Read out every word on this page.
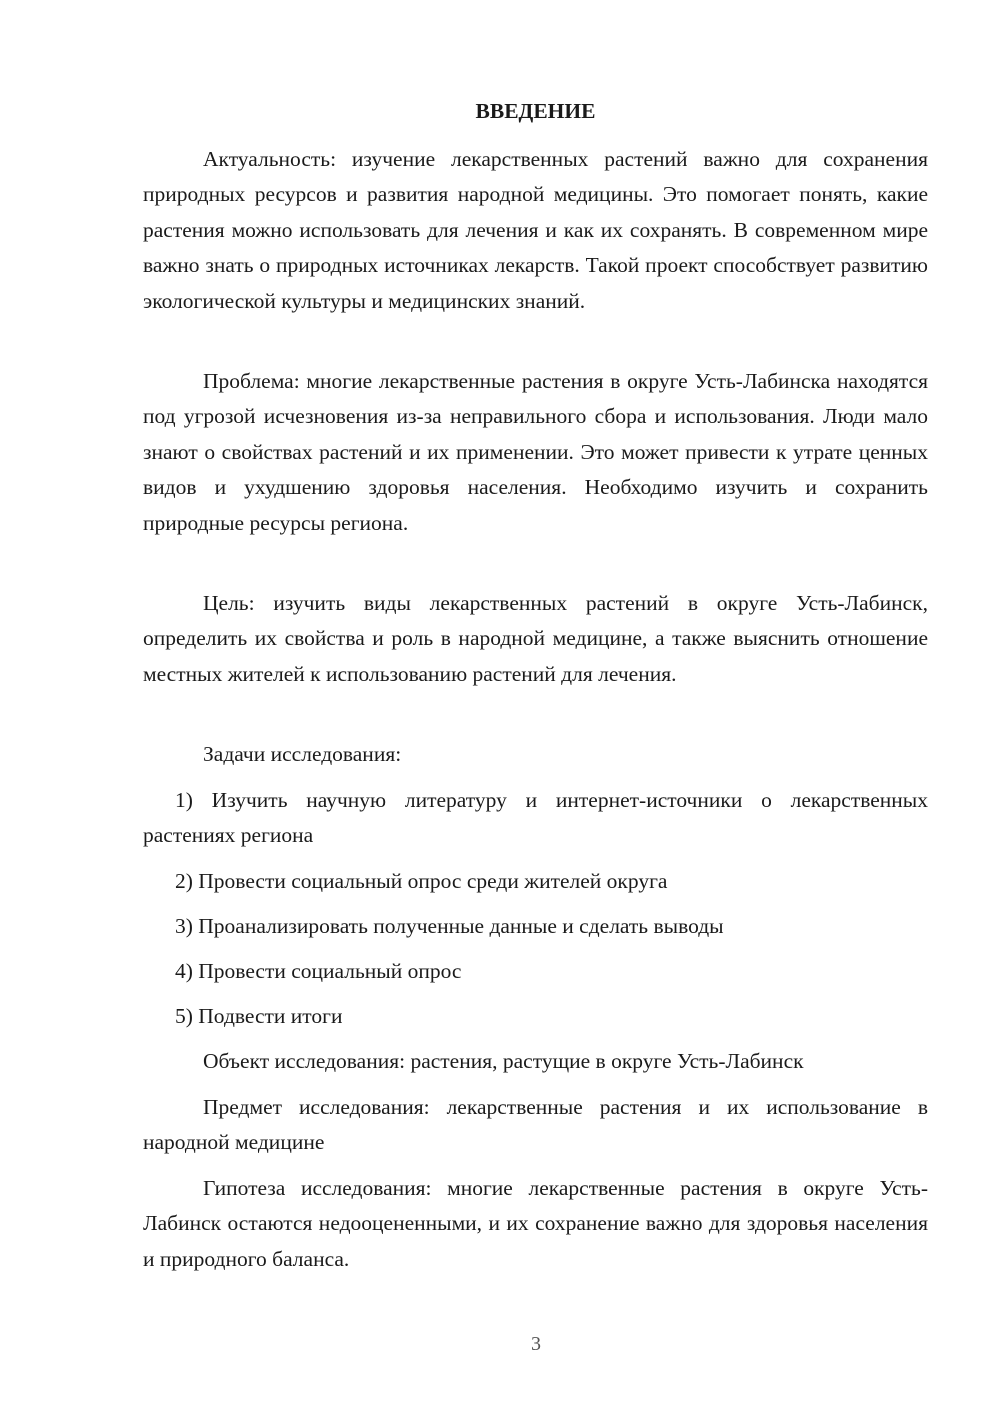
ВВЕДЕНИЕ

Актуальность: изучение лекарственных растений важно для сохранения природных ресурсов и развития народной медицины. Это помогает понять, какие растения можно использовать для лечения и как их сохранять. В современном мире важно знать о природных источниках лекарств. Такой проект способствует развитию экологической культуры и медицинских знаний.

Проблема: многие лекарственные растения в округе Усть-Лабинска находятся под угрозой исчезновения из-за неправильного сбора и использования. Люди мало знают о свойствах растений и их применении. Это может привести к утрате ценных видов и ухудшению здоровья населения. Необходимо изучить и сохранить природные ресурсы региона.

Цель: изучить виды лекарственных растений в округе Усть-Лабинск, определить их свойства и роль в народной медицине, а также выяснить отношение местных жителей к использованию растений для лечения.

Задачи исследования:

1) Изучить научную литературу и интернет-источники о лекарственных растениях региона

2) Провести социальный опрос среди жителей округа

3) Проанализировать полученные данные и сделать выводы

4) Провести социальный опрос

5) Подвести итоги

Объект исследования: растения, растущие в округе Усть-Лабинск

Предмет исследования: лекарственные растения и их использование в народной медицине

Гипотеза исследования: многие лекарственные растения в округе Усть-Лабинск остаются недооцененными, и их сохранение важно для здоровья населения и природного баланса.

3
